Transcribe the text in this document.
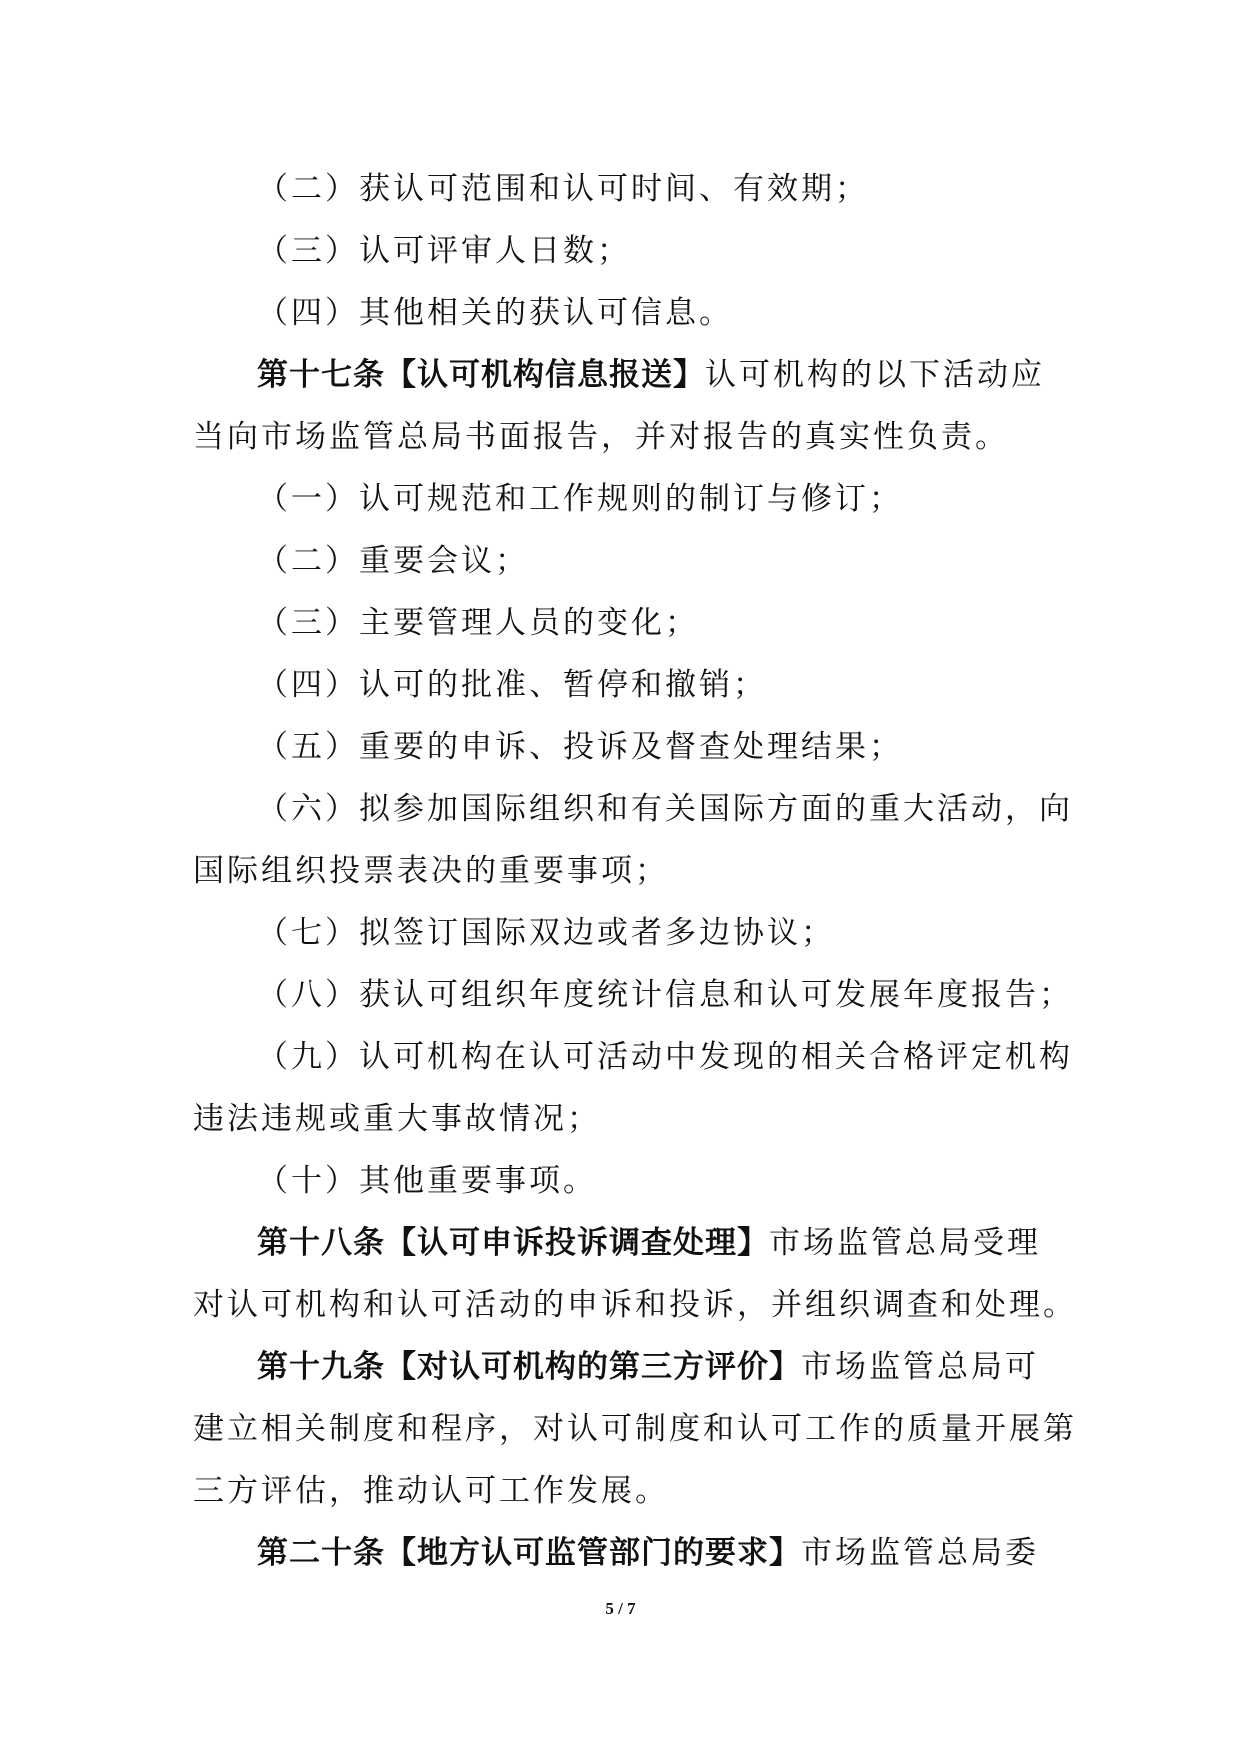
（二）获认可范围和认可时间、有效期；
（三）认可评审人日数；
（四）其他相关的获认可信息。
第十七条【认可机构信息报送】认可机构的以下活动应
当向市场监管总局书面报告，并对报告的真实性负责。
（一）认可规范和工作规则的制订与修订；
（二）重要会议；
（三）主要管理人员的变化；
（四）认可的批准、暂停和撤销；
（五）重要的申诉、投诉及督查处理结果；
（六）拟参加国际组织和有关国际方面的重大活动，向
国际组织投票表决的重要事项；
（七）拟签订国际双边或者多边协议；
（八）获认可组织年度统计信息和认可发展年度报告；
（九）认可机构在认可活动中发现的相关合格评定机构
违法违规或重大事故情况；
（十）其他重要事项。
第十八条【认可申诉投诉调查处理】市场监管总局受理
对认可机构和认可活动的申诉和投诉，并组织调查和处理。
第十九条【对认可机构的第三方评价】市场监管总局可
建立相关制度和程序，对认可制度和认可工作的质量开展第
三方评估，推动认可工作发展。
第二十条【地方认可监管部门的要求】市场监管总局委
5 / 7
